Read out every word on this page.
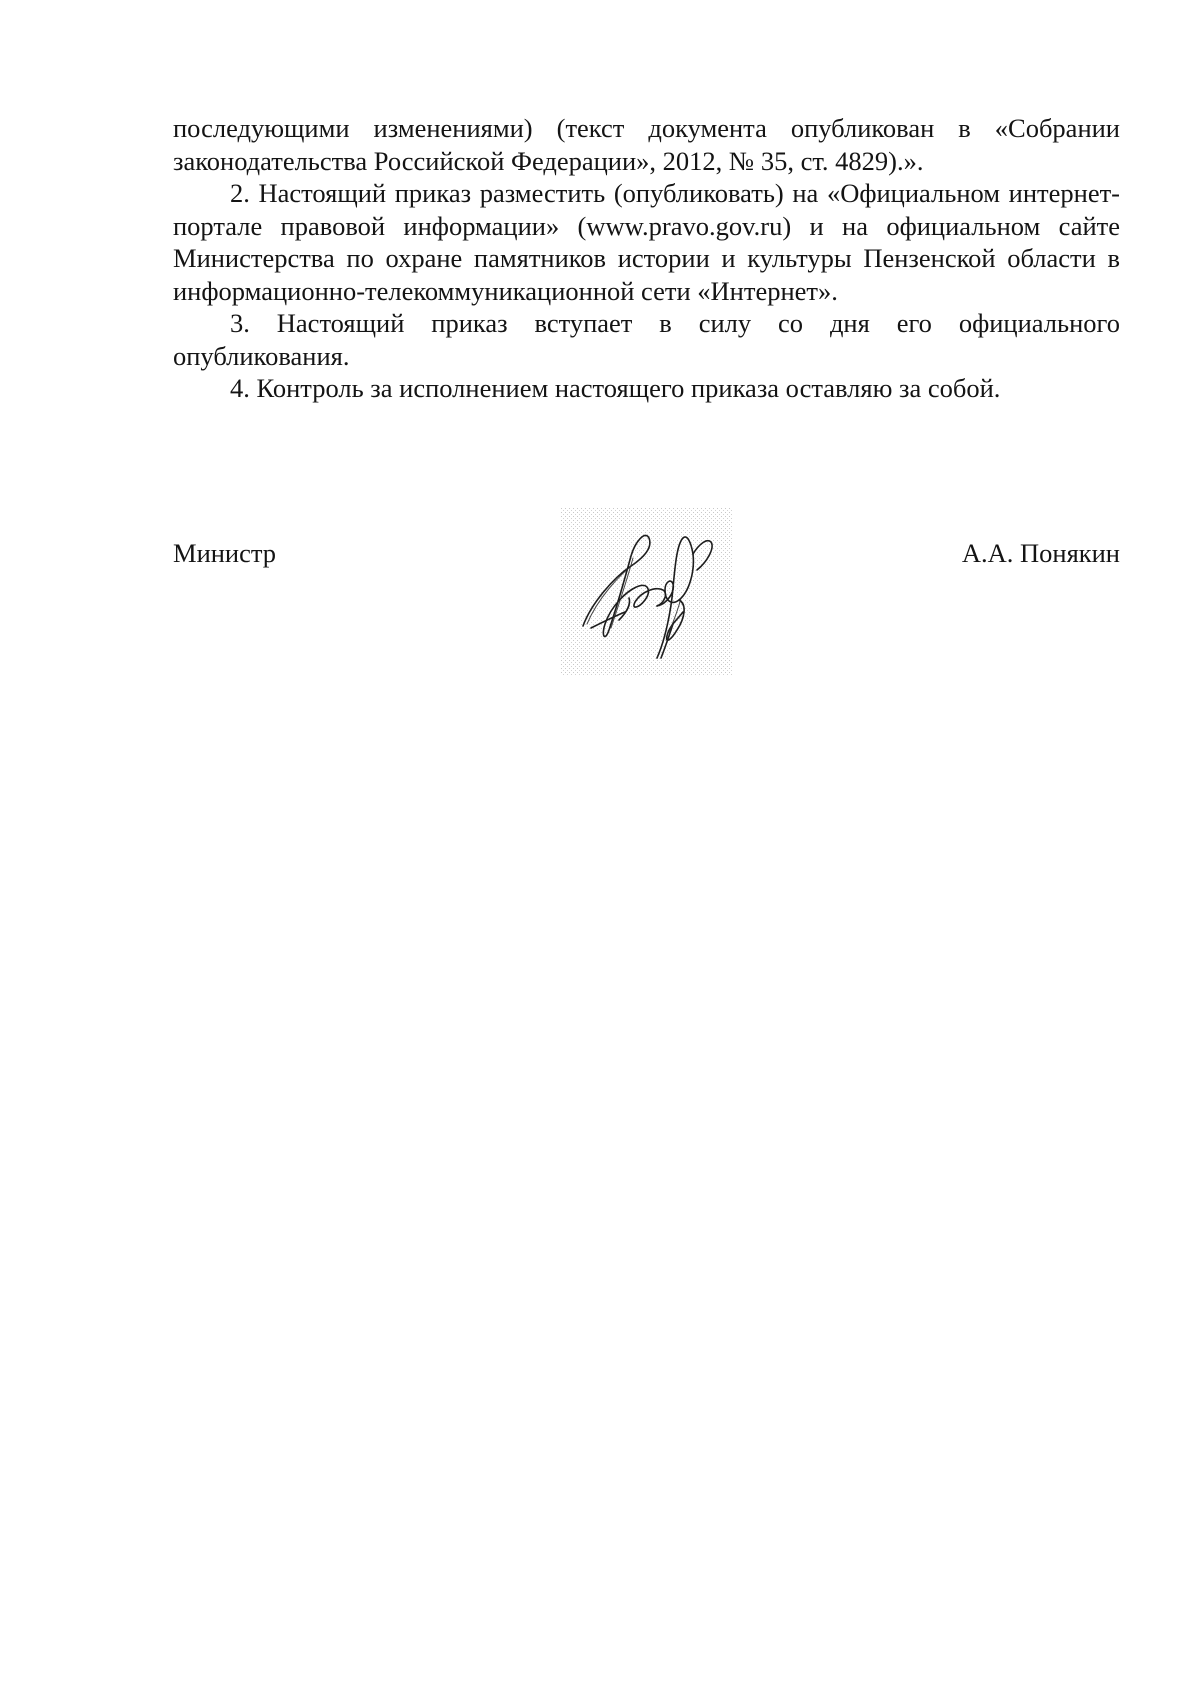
последующими изменениями) (текст документа опубликован в «Собрании законодательства Российской Федерации», 2012, № 35, ст. 4829).».

2. Настоящий приказ разместить (опубликовать) на «Официальном интернет-портале правовой информации» (www.pravo.gov.ru) и на официальном сайте Министерства по охране памятников истории и культуры Пензенской области в информационно-телекоммуникационной сети «Интернет».

3. Настоящий приказ вступает в силу со дня его официального опубликования.

4. Контроль за исполнением настоящего приказа оставляю за собой.

Министр	А.А. Понякин
